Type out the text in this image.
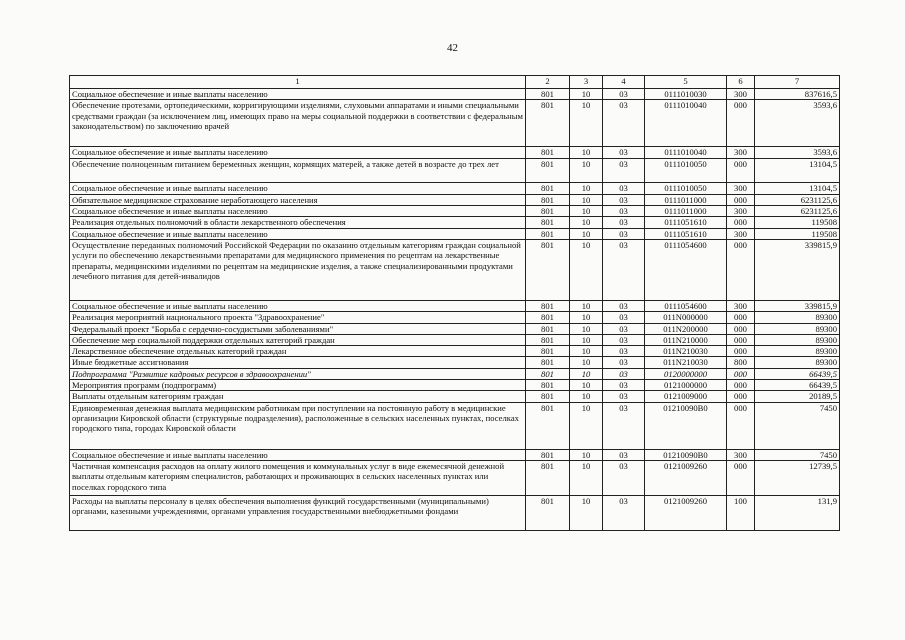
42
1	2	3	4	5	6	7
Социальное обеспечение и иные выплаты населению	801	10	03	0111010030	300	837616,5
Обеспечение протезами, ортопедическими, корригирующими изделиями, слуховыми аппаратами и иными специальными средствами граждан (за исключением лиц, имеющих право на меры социальной поддержки в соответствии с федеральным законодательством) по заключению врачей	801	10	03	0111010040	000	3593,6
Социальное обеспечение и иные выплаты населению	801	10	03	0111010040	300	3593,6
Обеспечение полноценным питанием беременных женщин, кормящих матерей, а также детей в возрасте до трех лет	801	10	03	0111010050	000	13104,5
Социальное обеспечение и иные выплаты населению	801	10	03	0111010050	300	13104,5
Обязательное медицинское страхование неработающего населения	801	10	03	0111011000	000	6231125,6
Социальное обеспечение и иные выплаты населению	801	10	03	0111011000	300	6231125,6
Реализация отдельных полномочий в области лекарственного обеспечения	801	10	03	0111051610	000	119508
Социальное обеспечение и иные выплаты населению	801	10	03	0111051610	300	119508
Осуществление переданных полномочий Российской Федерации по оказанию отдельным категориям граждан социальной услуги по обеспечению лекарственными препаратами для медицинского применения по рецептам на лекарственные препараты, медицинскими изделиями по рецептам на медицинские изделия, а также специализированными продуктами лечебного питания для детей-инвалидов	801	10	03	0111054600	000	339815,9
Социальное обеспечение и иные выплаты населению	801	10	03	0111054600	300	339815,9
Реализация мероприятий национального проекта "Здравоохранение"	801	10	03	011N000000	000	89300
Федеральный проект "Борьба с сердечно-сосудистыми заболеваниями"	801	10	03	011N200000	000	89300
Обеспечение мер социальной поддержки отдельных категорий граждан	801	10	03	011N210000	000	89300
Лекарственное обеспечение отдельных категорий граждан	801	10	03	011N210030	000	89300
Иные бюджетные ассигнования	801	10	03	011N210030	800	89300
Подпрограмма "Развитие кадровых ресурсов в здравоохранении"	801	10	03	0120000000	000	66439,5
Мероприятия программ (подпрограмм)	801	10	03	0121000000	000	66439,5
Выплаты отдельным категориям граждан	801	10	03	0121009000	000	20189,5
Единовременная денежная выплата медицинским работникам при поступлении на постоянную работу в медицинские организации Кировской области (структурные подразделения), расположенные в сельских населенных пунктах, поселках городского типа, городах Кировской области	801	10	03	01210090В0	000	7450
Социальное обеспечение и иные выплаты населению	801	10	03	01210090В0	300	7450
Частичная компенсация расходов на оплату жилого помещения и коммунальных услуг в виде ежемесячной денежной выплаты отдельным категориям специалистов, работающих и проживающих в сельских населенных пунктах или поселках городского типа	801	10	03	0121009260	000	12739,5
Расходы на выплаты персоналу в целях обеспечения выполнения функций государственными (муниципальными) органами, казенными учреждениями, органами управления государственными внебюджетными фондами	801	10	03	0121009260	100	131,9
